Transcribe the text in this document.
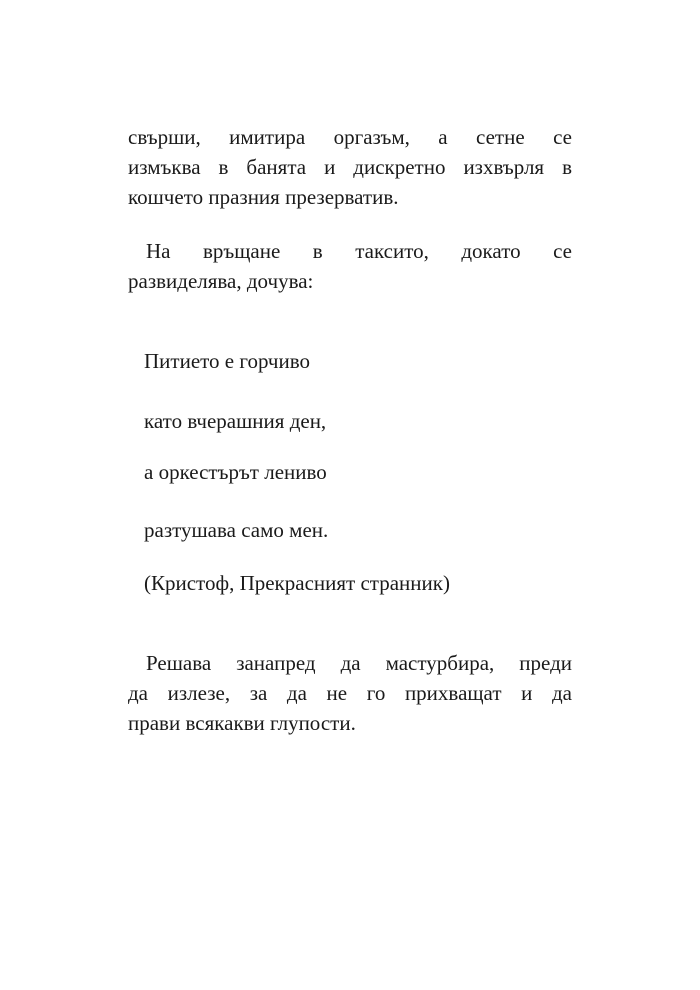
свърши, имитира оргазъм, а сетне се
измъква в банята и дискретно изхвърля в
кошчето празния презерватив.
На връщане в таксито, докато се
развиделява, дочува:
Питието е горчиво
като вчерашния ден,
а оркестърът лениво
разтушава само мен.
(Кристоф, Прекрасният странник)
Решава занапред да мастурбира, преди
да излезе, за да не го прихващат и да
прави всякакви глупости.
